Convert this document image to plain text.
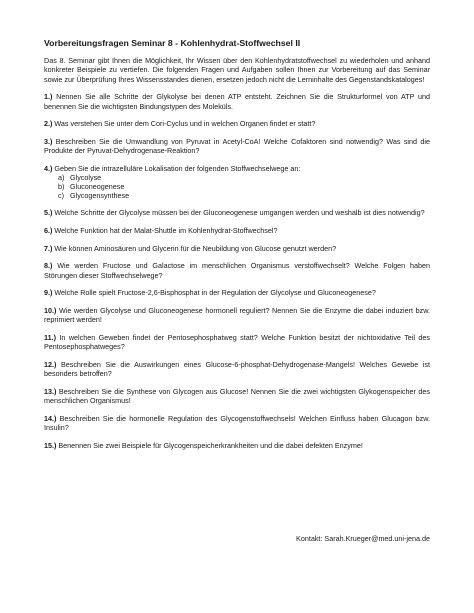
Vorbereitungsfragen Seminar 8 - Kohlenhydrat-Stoffwechsel II

Das 8. Seminar gibt Ihnen die Möglichkeit, Ihr Wissen über den Kohlenhydratstoffwechsel zu wiederholen und anhand konkreter Beispiele zu vertiefen. Die folgenden Fragen und Aufgaben sollen Ihnen zur Vorbereitung auf das Seminar sowie zur Überprüfung Ihres Wissensstandes dienen, ersetzen jedoch nicht die Lerninhalte des Gegenstandskataloges!

1.) Nennen Sie alle Schritte der Glykolyse bei denen ATP entsteht. Zeichnen Sie die Strukturformel von ATP und benennen Sie die wichtigsten Bindungstypen des Moleküls.

2.) Was verstehen Sie unter dem Cori-Cyclus und in welchen Organen findet er statt?

3.) Beschreiben Sie die Umwandlung von Pyruvat in Acetyl-CoA! Welche Cofaktoren sind notwendig? Was sind die Produkte der Pyruvat-Dehydrogenase-Reaktion?

4.) Geben Sie die intrazelluläre Lokalisation der folgenden Stoffwechselwege an:
a) Glycolyse
b) Gluconeogenese
c) Glycogensynthese

5.) Welche Schritte der Glycolyse müssen bei der Gluconeogenese umgangen werden und weshalb ist dies notwendig?

6.) Welche Funktion hat der Malat-Shuttle im Kohlenhydrat-Stoffwechsel?

7.) Wie können Aminosäuren und Glycerin für die Neubildung von Glucose genutzt werden?

8.) Wie werden Fructose und Galactose im menschlichen Organismus verstoffwechselt? Welche Folgen haben Störungen dieser Stoffwechselwege?

9.) Welche Rolle spielt Fructose-2,6-Bisphosphat in der Regulation der Glycolyse und Gluconeogenese?

10.) Wie werden Glycolyse und Gluconeogenese hormonell reguliert? Nennen Sie die Enzyme die dabei induziert bzw. reprimiert werden!

11.) In welchen Geweben findet der Pentosephosphatweg statt? Welche Funktion besitzt der nichtoxidative Teil des Pentosephosphatweges?

12.) Beschreiben Sie die Auswirkungen eines Glucose-6-phosphat-Dehydrogenase-Mangels! Welches Gewebe ist besonders betroffen?

13.) Beschreiben Sie die Synthese von Glycogen aus Glucose! Nennen Sie die zwei wichtigsten Glykogenspeicher des menschlichen Organismus!

14.) Beschreiben Sie die hormonelle Regulation des Glycogenstoffwechsels! Welchen Einfluss haben Glucagon bzw. Insulin?

15.) Benennen Sie zwei Beispiele für Glycogenspeicherkrankheiten und die dabei defekten Enzyme!

Kontakt: Sarah.Krueger@med.uni-jena.de
